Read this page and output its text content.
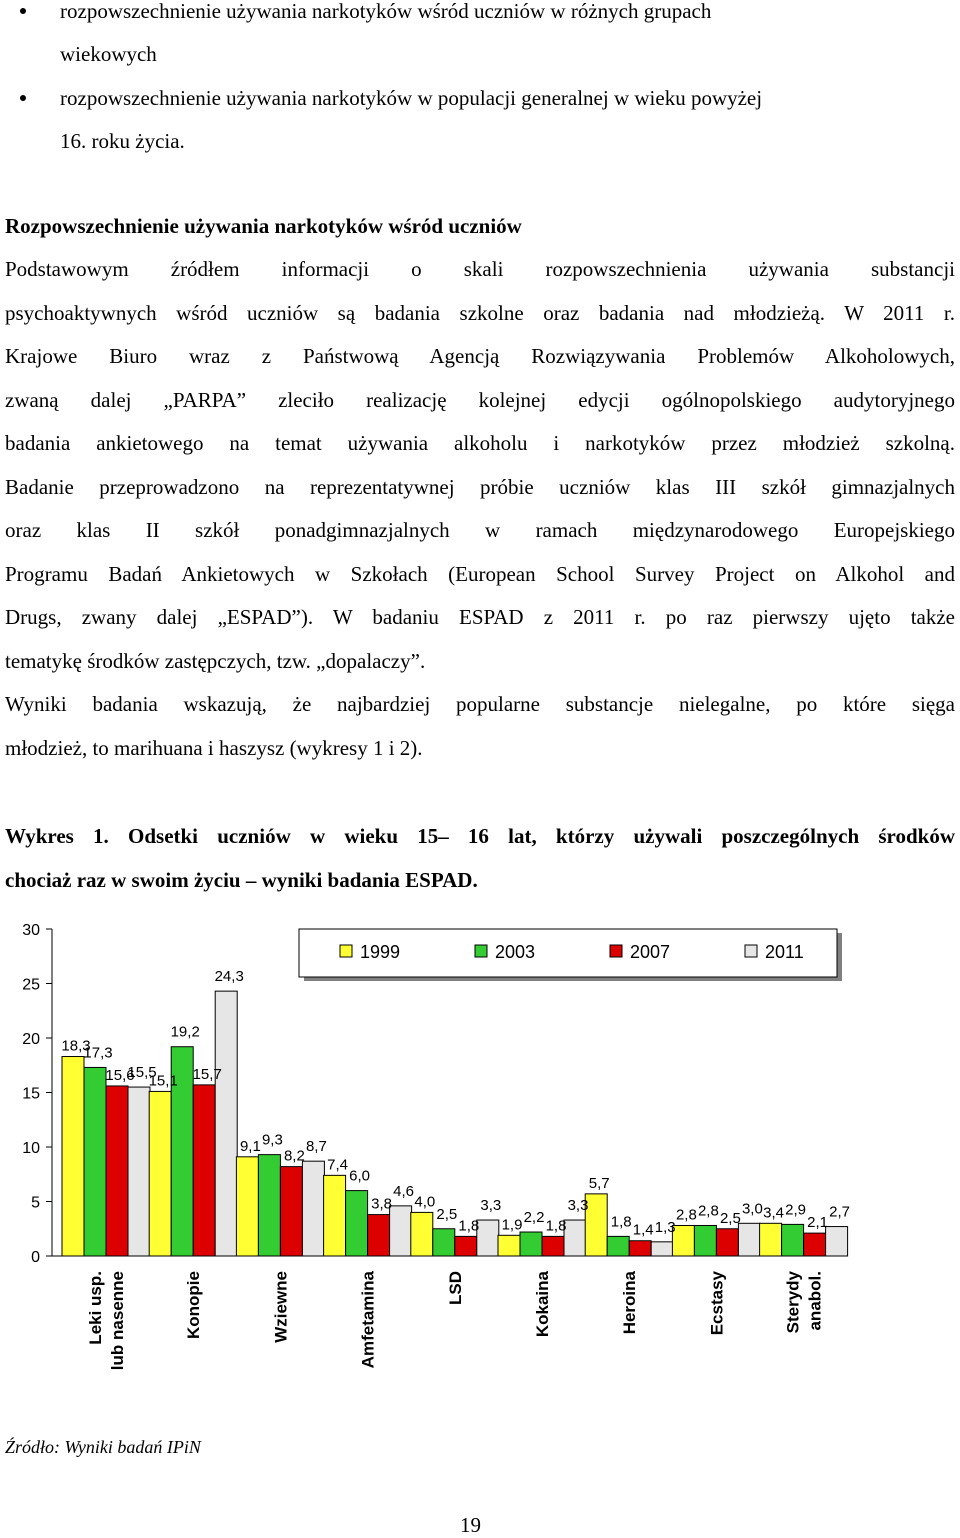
rozpowszechnienie używania narkotyków wśród uczniów w różnych grupach
wiekowych
rozpowszechnienie używania narkotyków w populacji generalnej w wieku powyżej
16. roku życia.
Rozpowszechnienie używania narkotyków wśród uczniów
Podstawowym źródłem informacji o skali rozpowszechnienia używania substancji
psychoaktywnych wśród uczniów są badania szkolne oraz badania nad młodzieżą. W 2011 r.
Krajowe Biuro wraz z Państwową Agencją Rozwiązywania Problemów Alkoholowych,
zwaną dalej „PARPA” zleciło realizację kolejnej edycji ogólnopolskiego audytoryjnego
badania ankietowego na temat używania alkoholu i narkotyków przez młodzież szkolną.
Badanie przeprowadzono na reprezentatywnej próbie uczniów klas III szkół gimnazjalnych
oraz klas II szkół ponadgimnazjalnych w ramach międzynarodowego Europejskiego
Programu Badań Ankietowych w Szkołach (European School Survey Project on Alkohol and
Drugs, zwany dalej „ESPAD”). W badaniu ESPAD z 2011 r. po raz pierwszy ujęto także
tematykę środków zastępczych, tzw. „dopalaczy”.
Wyniki badania wskazują, że najbardziej popularne substancje nielegalne, po które sięga
młodzież, to marihuana i haszysz (wykresy 1 i 2).
Wykres 1. Odsetki uczniów w wieku 15– 16 lat, którzy używali poszczególnych środków
chociaż raz w swoim życiu – wyniki badania ESPAD.
0
5
10
15
20
25
30
18,3
17,3
15,6
15,5
15,1
19,2
15,7
24,3
9,1 9,3
8,2
8,7
7,4
6,0
3,8
4,6
4,0
2,5
1,8
3,3
1,9 2,2 1,8
3,3
5,7
1,8 1,4 1,3
2,8 2,8 2,5
3,0 3,4 2,9
2,1
2,7
Leki usp. lub nasenne	Konopie	Wziewne	Amfetamina	LSD	Kokaina	Heroina	Ecstasy	Sterydy anabol.
1999	2003	2007	2011
Źródło: Wyniki badań IPiN
19
